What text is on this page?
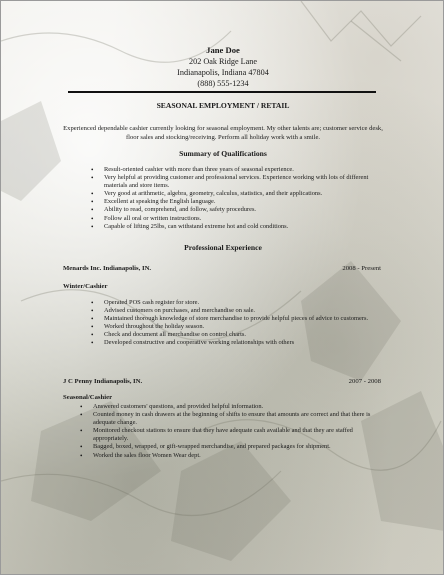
Jane Doe
202 Oak Ridge Lane
Indianapolis, Indiana 47804
(888) 555-1234
SEASONAL EMPLOYMENT / RETAIL
Experienced dependable cashier currently looking for seasonal employment. My other talents are; customer service desk, floor sales and stocking/receiving. Perform all holiday work with a smile.
Summary of Qualifications
• Result-oriented cashier with more than three years of seasonal experience.
• Very helpful at providing customer and professional services. Experience working with lots of different materials and store items.
• Very good at arithmetic, algebra, geometry, calculus, statistics, and their applications.
• Excellent at speaking the English language.
• Ability to read, comprehend, and follow, safety procedures.
• Follow all oral or written instructions.
• Capable of lifting 25lbs, can withstand extreme hot and cold conditions.
Professional Experience
Menards Inc. Indianapolis, IN.	2008 - Present
Winter/Cashier
• Operated POS cash register for store.
• Advised customers on purchases, and merchandise on sale.
• Maintained thorough knowledge of store merchandise to provide helpful pieces of advice to customers.
• Worked throughout the holiday season.
• Check and document all merchandise on control charts.
• Developed constructive and cooperative working relationships with others
J C Penny Indianapolis, IN.	2007 - 2008
Seasonal/Cashier
• Answered customers' questions, and provided helpful information.
• Counted money in cash drawers at the beginning of shifts to ensure that amounts are correct and that there is adequate change.
• Monitored checkout stations to ensure that they have adequate cash available and that they are staffed appropriately.
• Bagged, boxed, wrapped, or gift-wrapped merchandise, and prepared packages for shipment.
• Worked the sales floor Women Wear dept.
